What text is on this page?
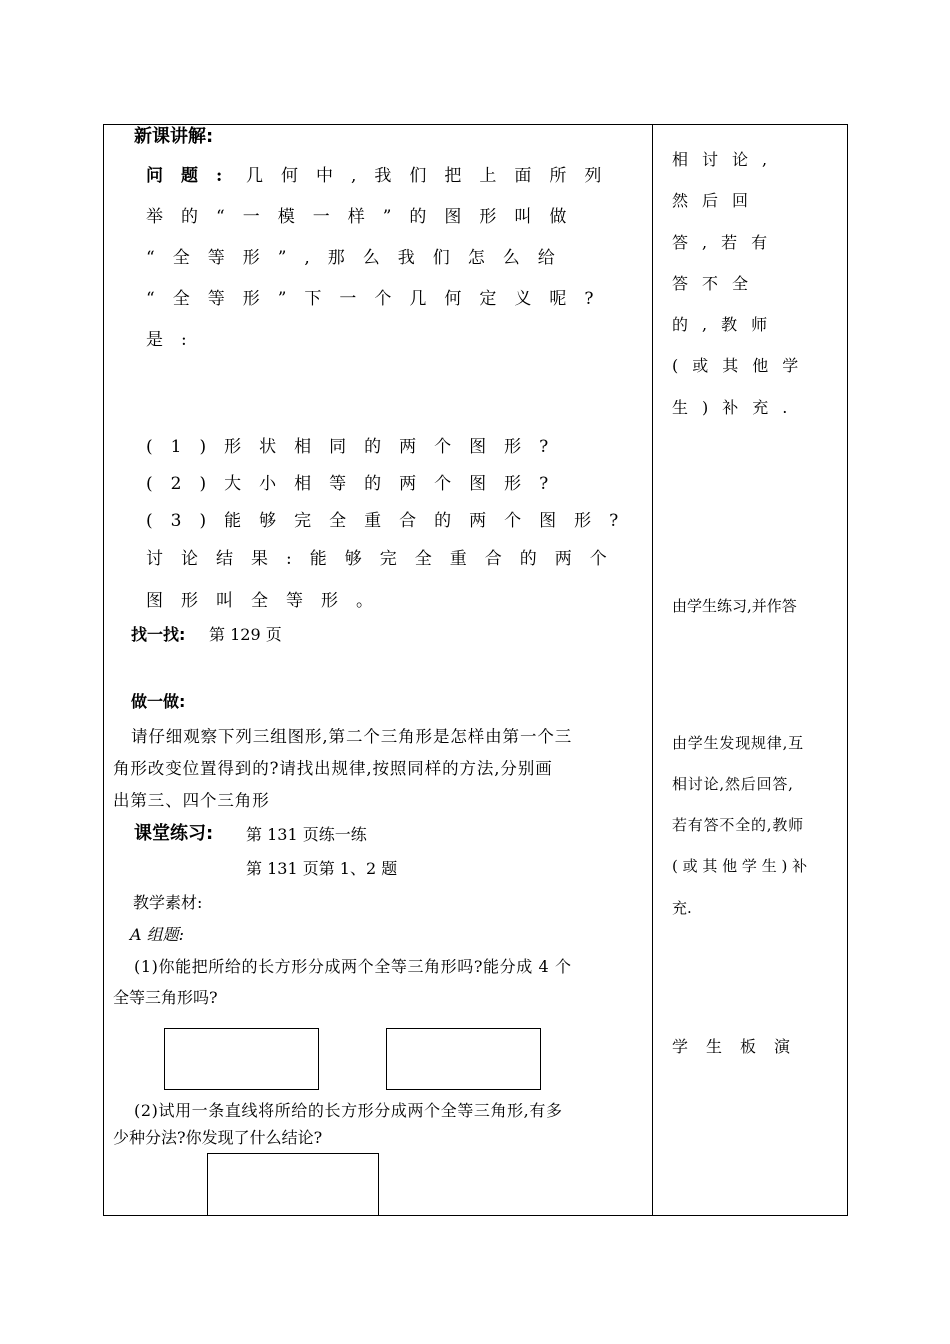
新课讲解:
问题: 几何中,我们把上面所列
举的“一模一样”的图形叫做
“全等形”,那么我们怎么给
“全等形”下一个几何定义呢?
是:
(1)形状相同的两个图形?
(2)大小相等的两个图形?
(3)能够完全重合的两个图形?
讨论结果:能够完全重合的两个
图形叫全等形。
找一找: 第 129 页
做一做:
请仔细观察下列三组图形,第二个三角形是怎样由第一个三
角形改变位置得到的?请找出规律,按照同样的方法,分别画
出第三、四个三角形
课堂练习: 第 131 页练一练
第 131 页第 1、2 题
教学素材:
A 组题:
(1)你能把所给的长方形分成两个全等三角形吗?能分成 4 个
全等三角形吗?
(2)试用一条直线将所给的长方形分成两个全等三角形,有多
少种分法?你发现了什么结论?
相讨论,
然后回
答,若有
答不全
的,教师
(或其他学
生)补充.
由学生练习,并作答
由学生发现规律,互
相讨论,然后回答,
若有答不全的,教师
( 或 其 他 学 生 ) 补
充.
学生板演
